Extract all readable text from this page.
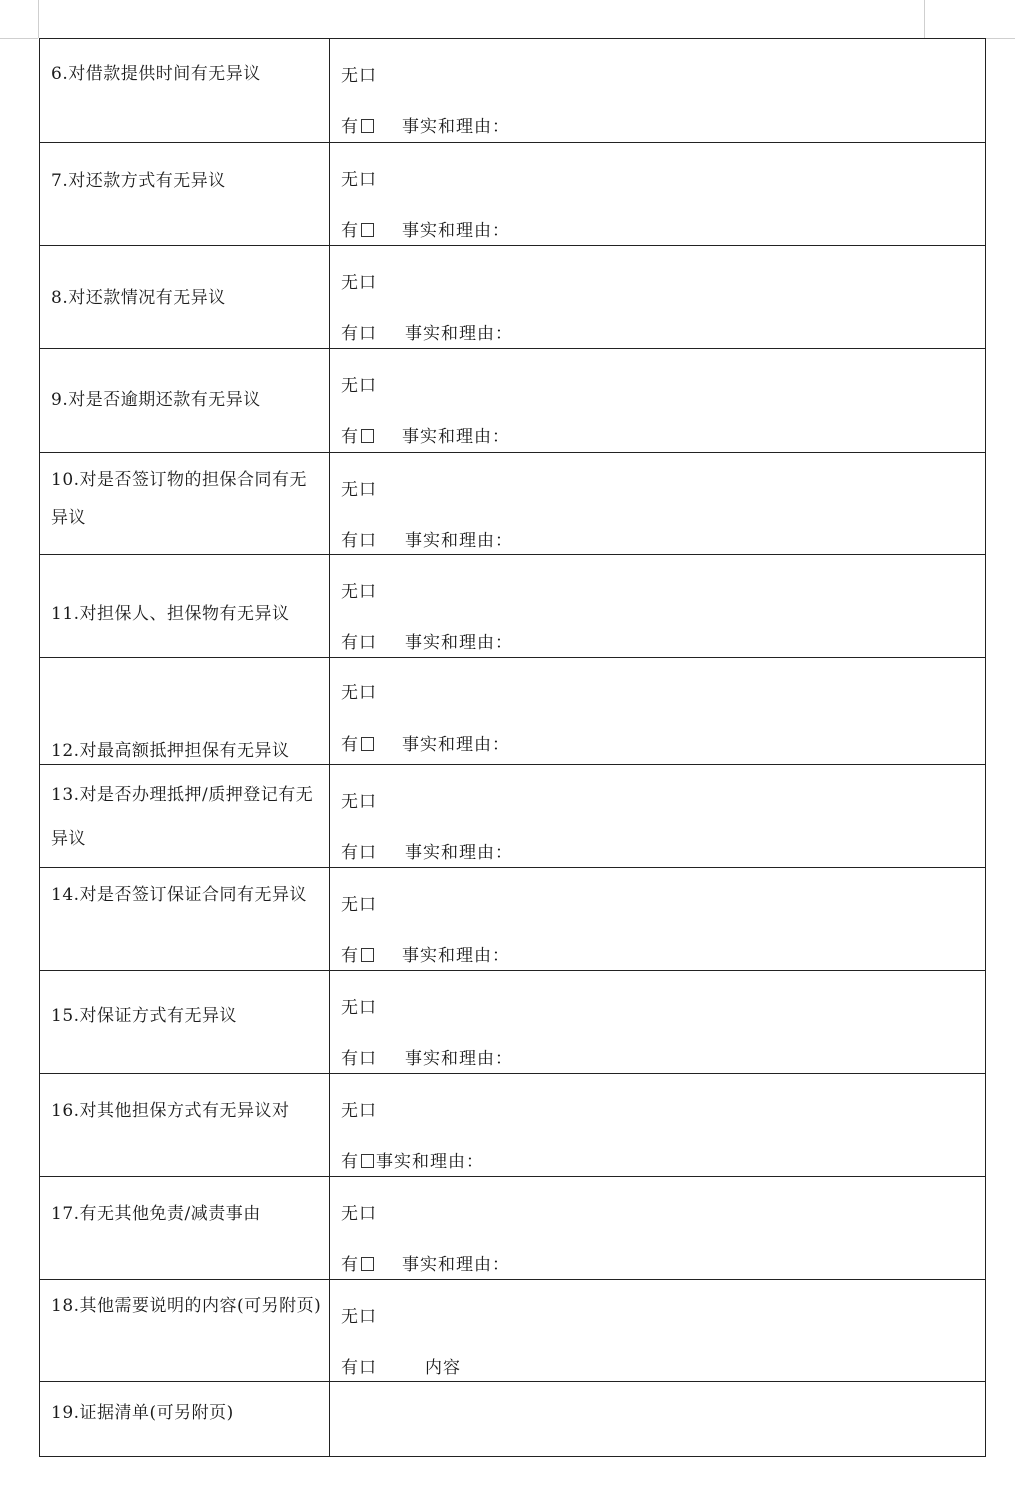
6.对借款提供时间有无异议	无口
有 事实和理由：

7.对还款方式有无异议	无口
有 事实和理由：

8.对还款情况有无异议	无口
有口 事实和理由：

9.对是否逾期还款有无异议	无口
有 事实和理由：

10.对是否签订物的担保合同有无异议	无口
有口 事实和理由：

11.对担保人、担保物有无异议	无口
有口 事实和理由：

12.对最高额抵押担保有无异议	无口
有 事实和理由：

13.对是否办理抵押/质押登记有无异议	无口
有口 事实和理由：

14.对是否签订保证合同有无异议	无口
有 事实和理由：

15.对保证方式有无异议	无口
有口 事实和理由：

16.对其他担保方式有无异议对	无口
有 事实和理由：

17.有无其他免责/减责事由	无口
有 事实和理由：

18.其他需要说明的内容(可另附页)	无口
有口 内容

19.证据清单(可另附页)	
